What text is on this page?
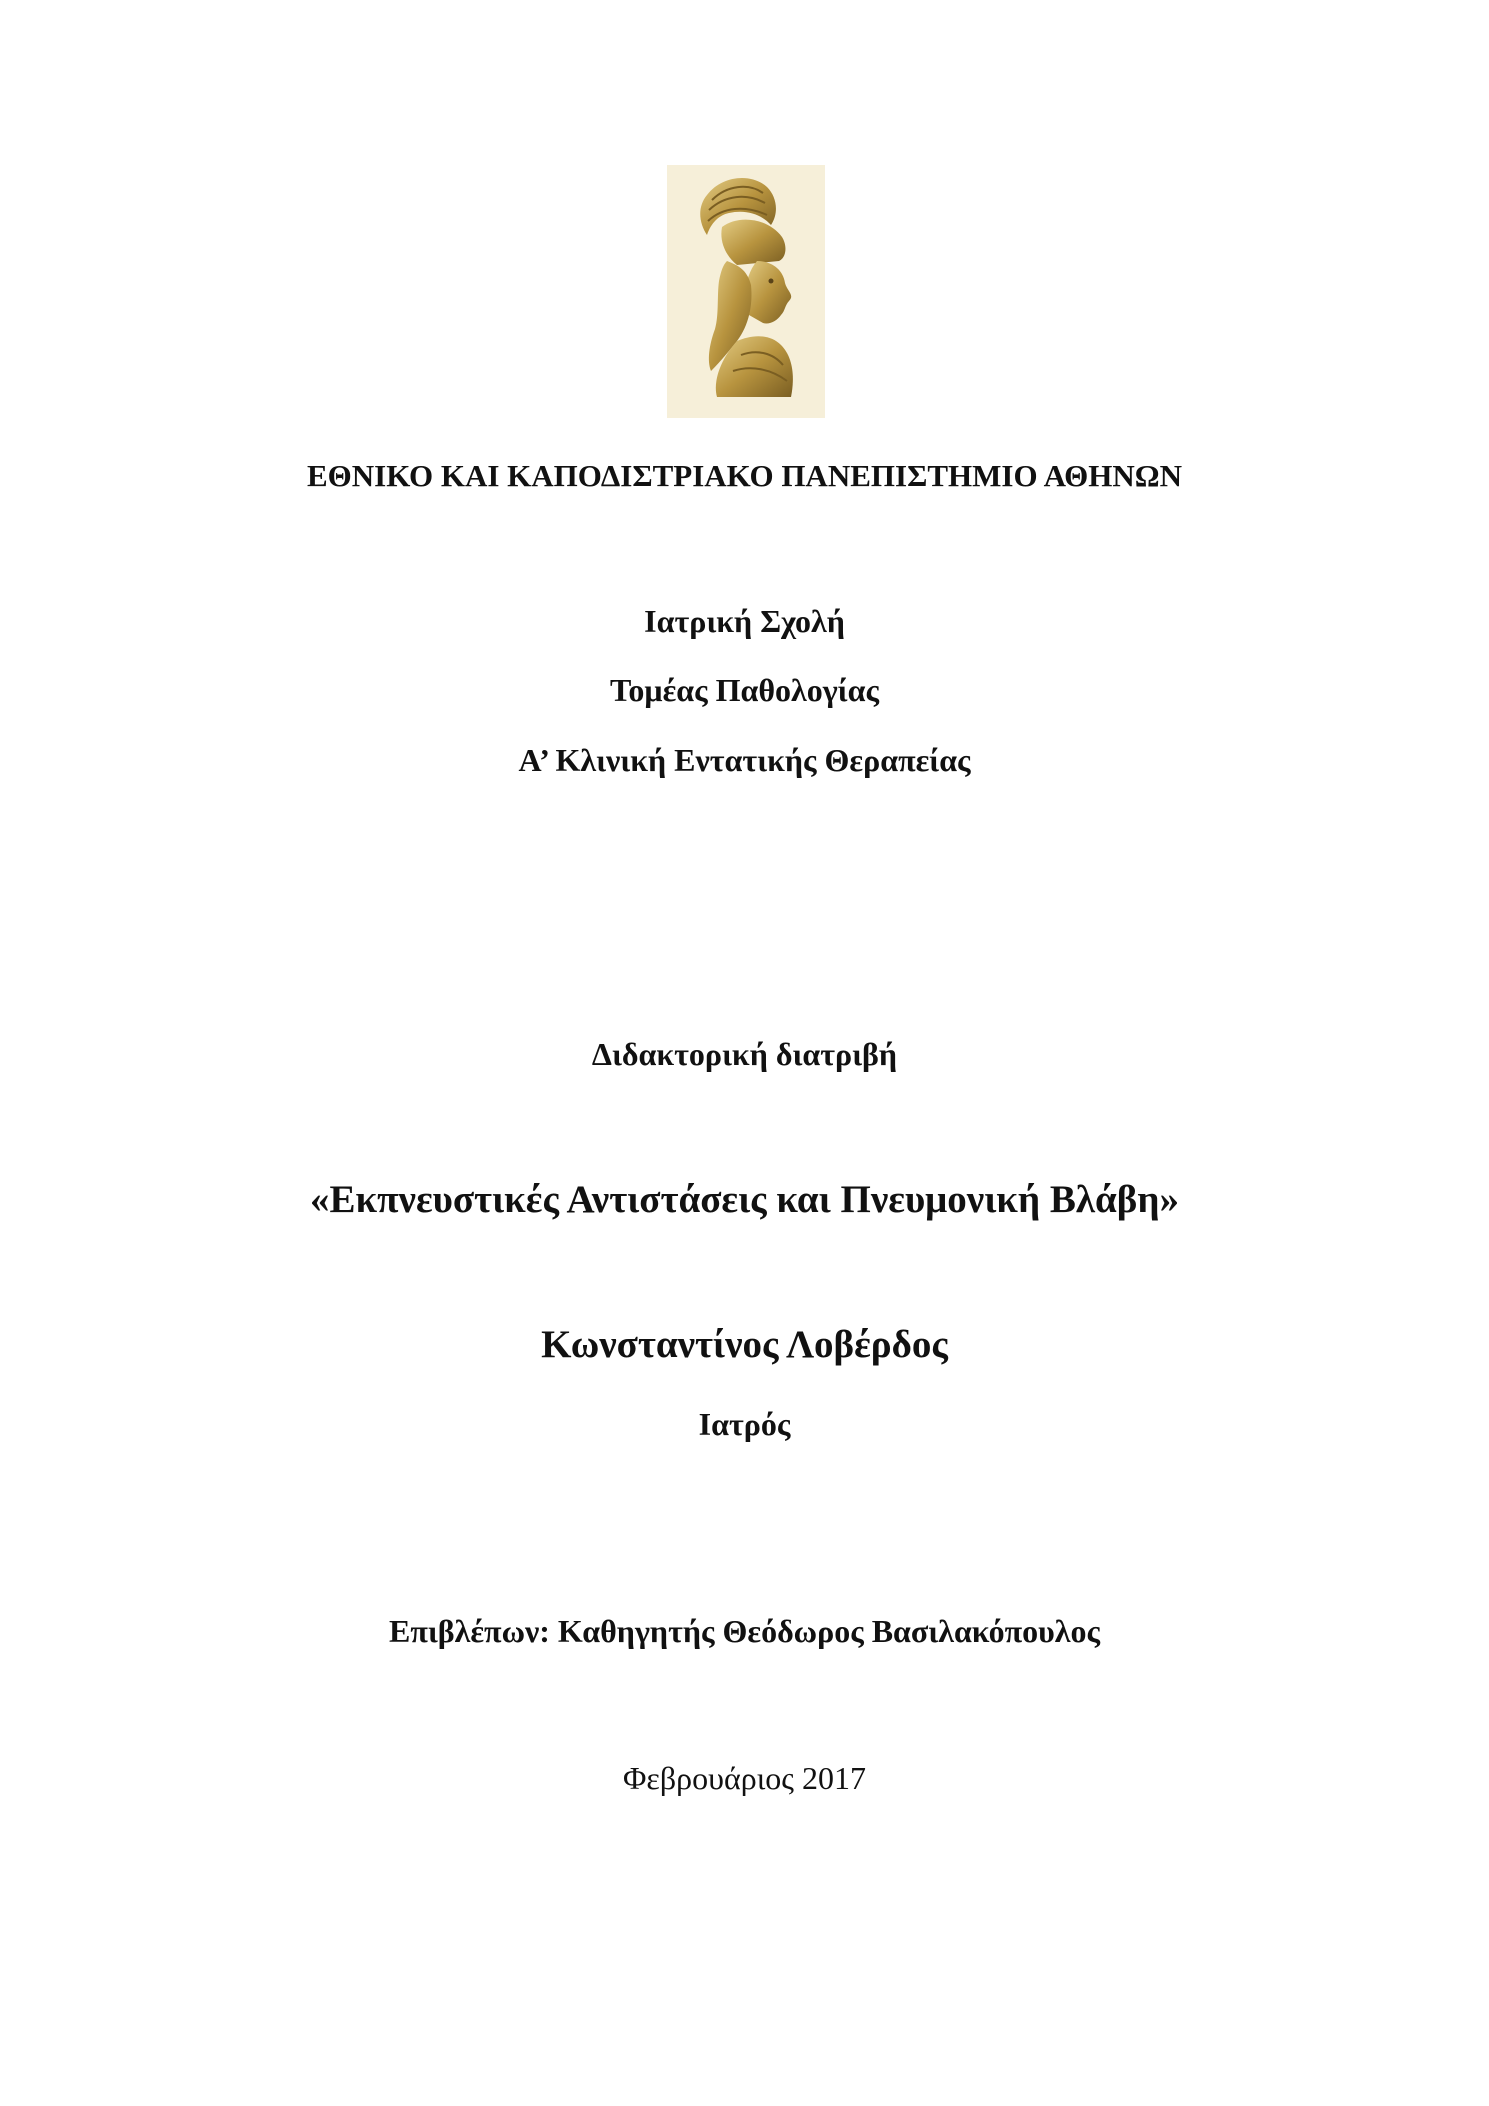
ΕΘΝΙΚΟ ΚΑΙ ΚΑΠΟΔΙΣΤΡΙΑΚΟ ΠΑΝΕΠΙΣΤΗΜΙΟ ΑΘΗΝΩΝ
Ιατρική Σχολή
Τομέας Παθολογίας
Α’ Κλινική Εντατικής Θεραπείας
Διδακτορική διατριβή
«Εκπνευστικές Αντιστάσεις και Πνευμονική Βλάβη»
Κωνσταντίνος Λοβέρδος
Ιατρός
Επιβλέπων: Καθηγητής Θεόδωρος Βασιλακόπουλος
Φεβρουάριος 2017
